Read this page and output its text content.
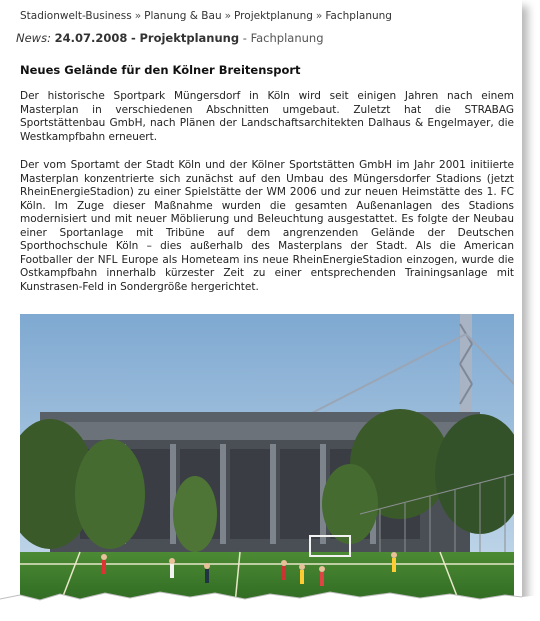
Stadionwelt-Business » Planung & Bau » Projektplanung » Fachplanung
News: 24.07.2008 - Projektplanung - Fachplanung
Neues Gelände für den Kölner Breitensport
Der historische Sportpark Müngersdorf in Köln wird seit einigen Jahren nach einem Masterplan in verschiedenen Abschnitten umgebaut. Zuletzt hat die STRABAG Sportstättenbau GmbH, nach Plänen der Landschaftsarchitekten Dalhaus & Engelmayer, die Westkampfbahn erneuert.
Der vom Sportamt der Stadt Köln und der Kölner Sportstätten GmbH im Jahr 2001 initiierte Masterplan konzentrierte sich zunächst auf den Umbau des Müngersdorfer Stadions (jetzt RheinEnergieStadion) zu einer Spielstätte der WM 2006 und zur neuen Heimstätte des 1. FC Köln. Im Zuge dieser Maßnahme wurden die gesamten Außenanlagen des Stadions modernisiert und mit neuer Möblierung und Beleuchtung ausgestattet. Es folgte der Neubau einer Sportanlage mit Tribüne auf dem angrenzenden Gelände der Deutschen Sporthochschule Köln – dies außerhalb des Masterplans der Stadt. Als die American Footballer der NFL Europe als Hometeam ins neue RheinEnergieStadion einzogen, wurde die Ostkampfbahn innerhalb kürzester Zeit zu einer entsprechenden Trainingsanlage mit Kunstrasen-Feld in Sondergröße hergerichtet.
